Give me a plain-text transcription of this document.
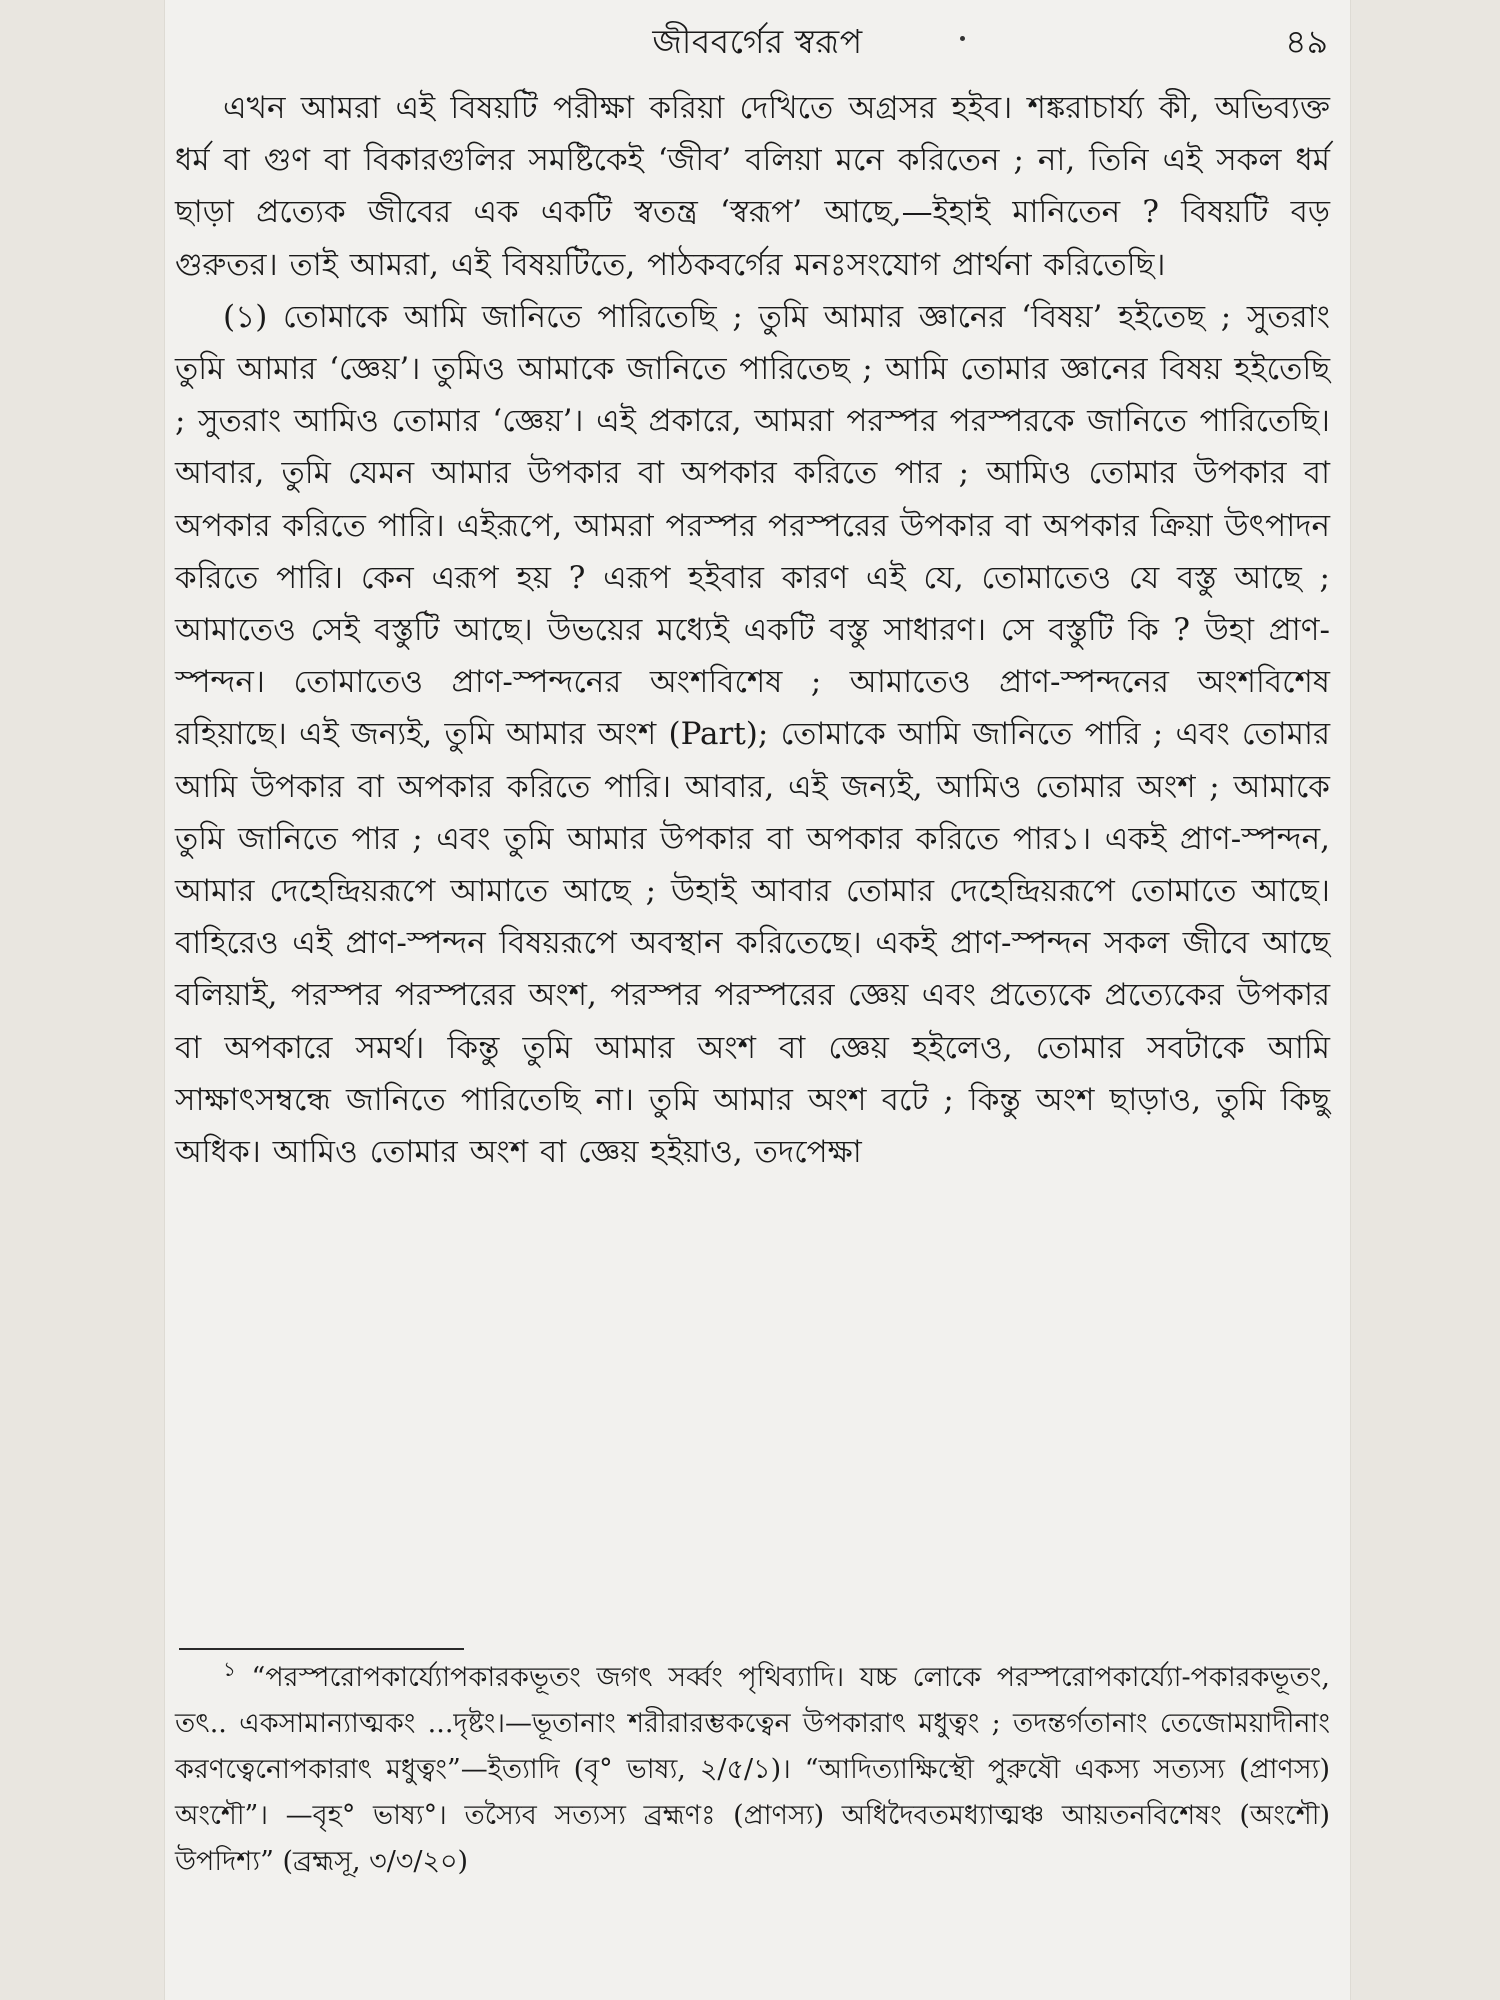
জীববর্গের স্বরূপ	৪৯

এখন আমরা এই বিষয়টি পরীক্ষা করিয়া দেখিতে অগ্রসর হইব। শঙ্করাচার্য্য কী, অভিব্যক্ত ধর্ম বা গুণ বা বিকারগুলির সমষ্টিকেই ‘জীব’ বলিয়া মনে করিতেন ; না, তিনি এই সকল ধর্ম ছাড়া প্রত্যেক জীবের এক একটি স্বতন্ত্র ‘স্বরূপ’ আছে,—ইহাই মানিতেন ? বিষয়টি বড় গুরুতর। তাই আমরা, এই বিষয়টিতে, পাঠকবর্গের মনঃসংযোগ প্রার্থনা করিতেছি।

(১) তোমাকে আমি জানিতে পারিতেছি ; তুমি আমার জ্ঞানের ‘বিষয়’ হইতেছ ; সুতরাং তুমি আমার ‘জ্ঞেয়’। তুমিও আমাকে জানিতে পারিতেছ ; আমি তোমার জ্ঞানের বিষয় হইতেছি ; সুতরাং আমিও তোমার ‘জ্ঞেয়’। এই প্রকারে, আমরা পরস্পর পরস্পরকে জানিতে পারিতেছি। আবার, তুমি যেমন আমার উপকার বা অপকার করিতে পার ; আমিও তোমার উপকার বা অপকার করিতে পারি। এইরূপে, আমরা পরস্পর পরস্পরের উপকার বা অপকার ক্রিয়া উৎপাদন করিতে পারি। কেন এরূপ হয় ? এরূপ হইবার কারণ এই যে, তোমাতেও যে বস্তু আছে ; আমাতেও সেই বস্তুটি আছে। উভয়ের মধ্যেই একটি বস্তু সাধারণ। সে বস্তুটি কি ? উহা প্রাণ-স্পন্দন। তোমাতেও প্রাণ-স্পন্দনের অংশবিশেষ ; আমাতেও প্রাণ-স্পন্দনের অংশবিশেষ রহিয়াছে। এই জন্যই, তুমি আমার অংশ (Part); তোমাকে আমি জানিতে পারি ; এবং তোমার আমি উপকার বা অপকার করিতে পারি। আবার, এই জন্যই, আমিও তোমার অংশ ; আমাকে তুমি জানিতে পার ; এবং তুমি আমার উপকার বা অপকার করিতে পার১। একই প্রাণ-স্পন্দন, আমার দেহেন্দ্রিয়রূপে আমাতে আছে ; উহাই আবার তোমার দেহেন্দ্রিয়রূপে তোমাতে আছে। বাহিরেও এই প্রাণ-স্পন্দন বিষয়রূপে অবস্থান করিতেছে। একই প্রাণ-স্পন্দন সকল জীবে আছে বলিয়াই, পরস্পর পরস্পরের অংশ, পরস্পর পরস্পরের জ্ঞেয় এবং প্রত্যেকে প্রত্যেকের উপকার বা অপকারে সমর্থ। কিন্তু তুমি আমার অংশ বা জ্ঞেয় হইলেও, তোমার সবটাকে আমি সাক্ষাৎসম্বন্ধে জানিতে পারিতেছি না। তুমি আমার অংশ বটে ; কিন্তু অংশ ছাড়াও, তুমি কিছু অধিক। আমিও তোমার অংশ বা জ্ঞেয় হইয়াও, তদপেক্ষা

$^১$ “পরস্পরোপকার্য্যোপকারকভূতং জগৎ সর্ব্বং পৃথিব্যাদি। যচ্চ লোকে পরস্পরোপকার্য্যো-পকারকভূতং, তৎ.. একসামান্যাত্মকং ...দৃষ্টং।—ভূতানাং শরীরারম্ভকত্বেন উপকারাৎ মধুত্বং ; তদন্তর্গতানাং তেজোময়াদীনাং করণত্বেনোপকারাৎ মধুত্বং”—ইত্যাদি (বৃ° ভাষ্য, ২/৫/১)। “আদিত্যাক্ষিস্থৌ পুরুষৌ একস্য সত্যস্য (প্রাণস্য) অংশৌ”। —বৃহ° ভাষ্য°। তস্যৈব সত্যস্য ব্রহ্মণঃ (প্রাণস্য) অধিদৈবতমধ্যাত্মঞ্চ আয়তনবিশেষং (অংশৌ) উপদিশ্য” (ব্রহ্মসূ, ৩/৩/২০)
